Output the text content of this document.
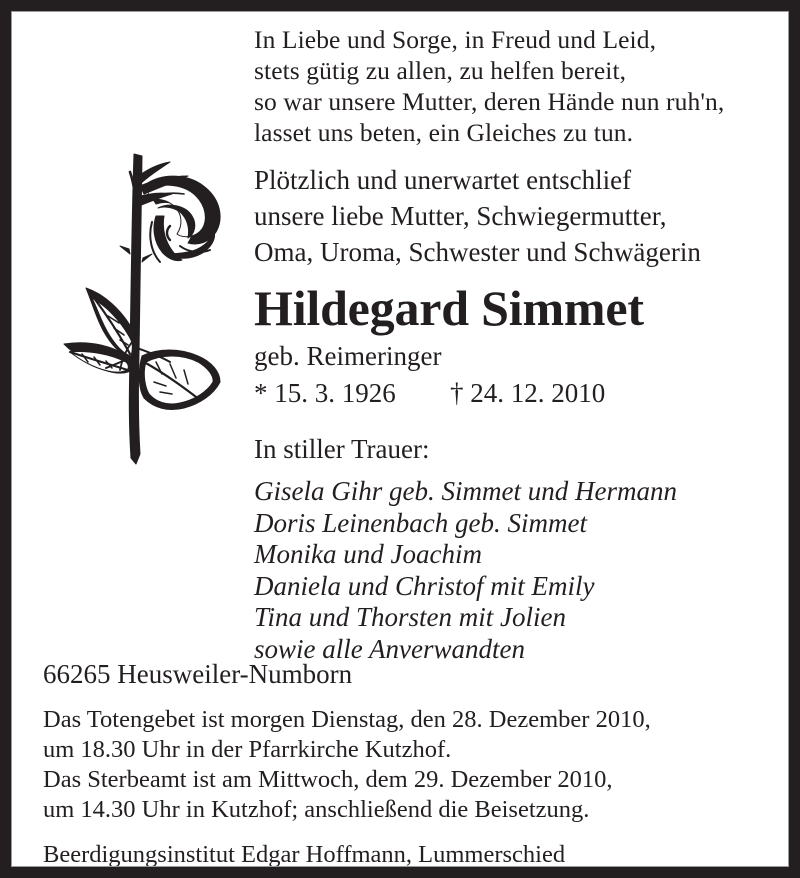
In Liebe und Sorge, in Freud und Leid,
stets gütig zu allen, zu helfen bereit,
so war unsere Mutter, deren Hände nun ruh'n,
lasset uns beten, ein Gleiches zu tun.
Plötzlich und unerwartet entschlief
unsere liebe Mutter, Schwiegermutter,
Oma, Uroma, Schwester und Schwägerin
Hildegard Simmet
geb. Reimeringer
* 15. 3. 1926 † 24. 12. 2010
In stiller Trauer:
Gisela Gihr geb. Simmet und Hermann
Doris Leinenbach geb. Simmet
Monika und Joachim
Daniela und Christof mit Emily
Tina und Thorsten mit Jolien
sowie alle Anverwandten
66265 Heusweiler-Numborn
Das Totengebet ist morgen Dienstag, den 28. Dezember 2010,
um 18.30 Uhr in der Pfarrkirche Kutzhof.
Das Sterbeamt ist am Mittwoch, dem 29. Dezember 2010,
um 14.30 Uhr in Kutzhof; anschließend die Beisetzung.
Beerdigungsinstitut Edgar Hoffmann, Lummerschied
